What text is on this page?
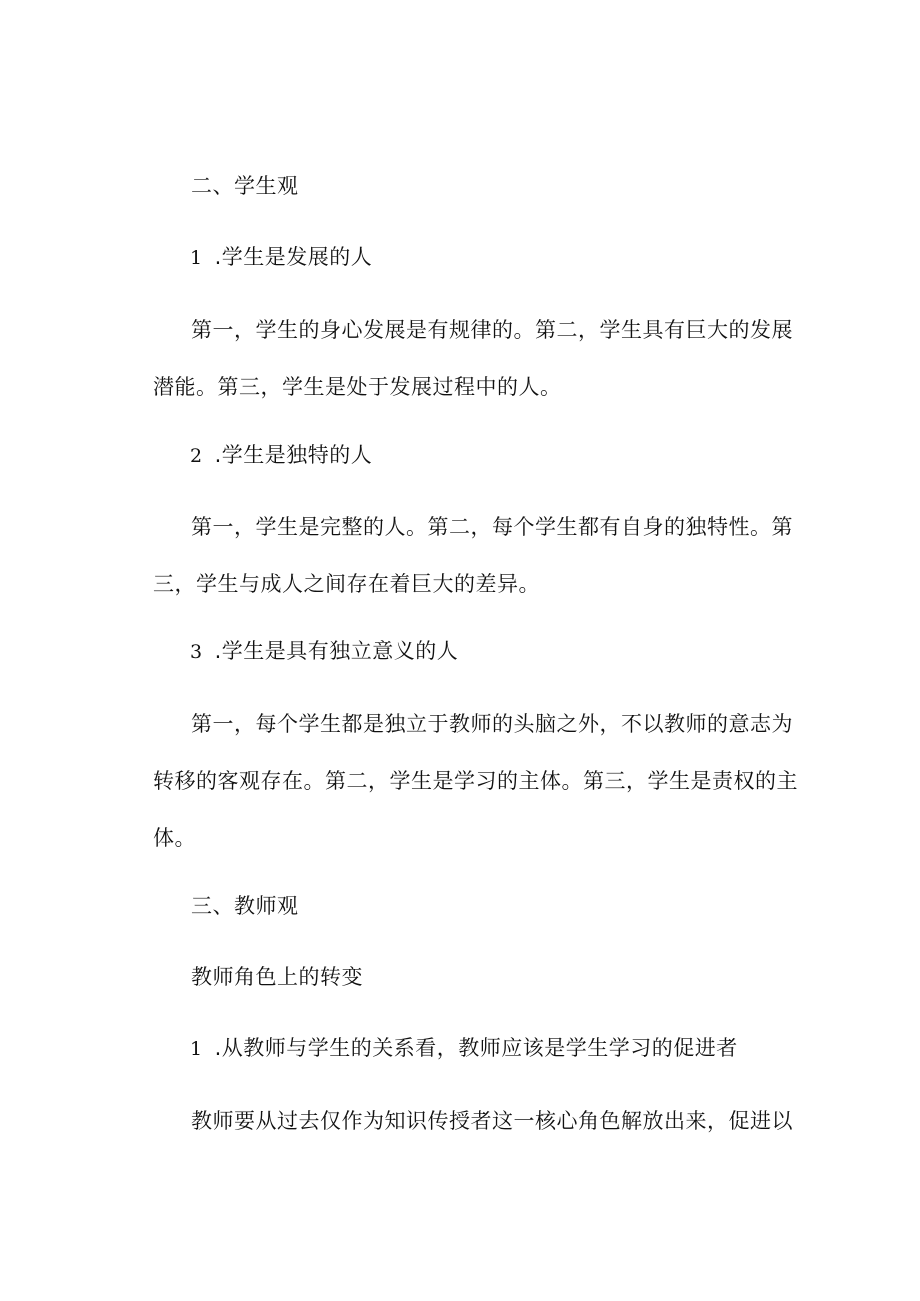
二、学生观
1 .学生是发展的人
第一，学生的身心发展是有规律的。第二，学生具有巨大的发展
潜能。第三，学生是处于发展过程中的人。
2 .学生是独特的人
第一，学生是完整的人。第二，每个学生都有自身的独特性。第
三，学生与成人之间存在着巨大的差异。
3 .学生是具有独立意义的人
第一，每个学生都是独立于教师的头脑之外，不以教师的意志为
转移的客观存在。第二，学生是学习的主体。第三，学生是责权的主
体。
三、教师观
教师角色上的转变
1 .从教师与学生的关系看，教师应该是学生学习的促进者
教师要从过去仅作为知识传授者这一核心角色解放出来，促进以
